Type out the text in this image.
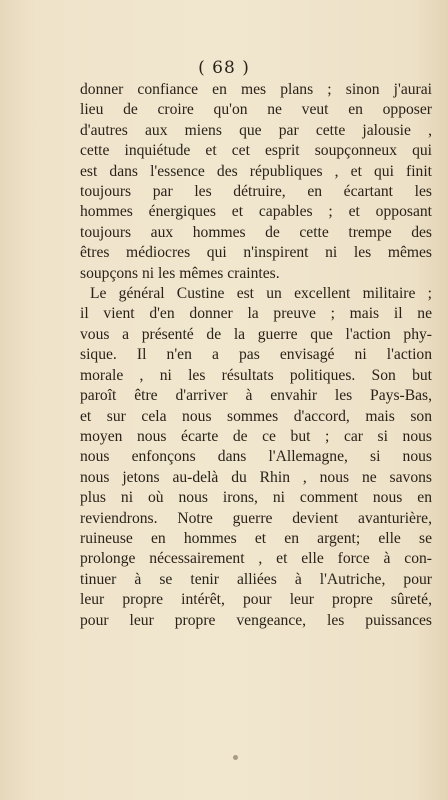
( 68 )
donner confiance en mes plans ; sinon j'aurai
lieu de croire qu'on ne veut en opposer
d'autres aux miens que par cette jalousie ,
cette inquiétude et cet esprit soupçonneux qui
est dans l'essence des républiques , et qui finit
toujours par les détruire, en écartant les
hommes énergiques et capables ; et opposant
toujours aux hommes de cette trempe des
êtres médiocres qui n'inspirent ni les mêmes
soupçons ni les mêmes craintes.
Le général Custine est un excellent militaire ;
il vient d'en donner la preuve ; mais il ne
vous a présenté de la guerre que l'action phy-
sique. Il n'en a pas envisagé ni l'action
morale , ni les résultats politiques. Son but
paroît être d'arriver à envahir les Pays-Bas,
et sur cela nous sommes d'accord, mais son
moyen nous écarte de ce but ; car si nous
nous enfonçons dans l'Allemagne, si nous
nous jetons au-delà du Rhin , nous ne savons
plus ni où nous irons, ni comment nous en
reviendrons. Notre guerre devient avanturière,
ruineuse en hommes et en argent; elle se
prolonge nécessairement , et elle force à con-
tinuer à se tenir alliées à l'Autriche, pour
leur propre intérêt, pour leur propre sûreté,
pour leur propre vengeance, les puissances
